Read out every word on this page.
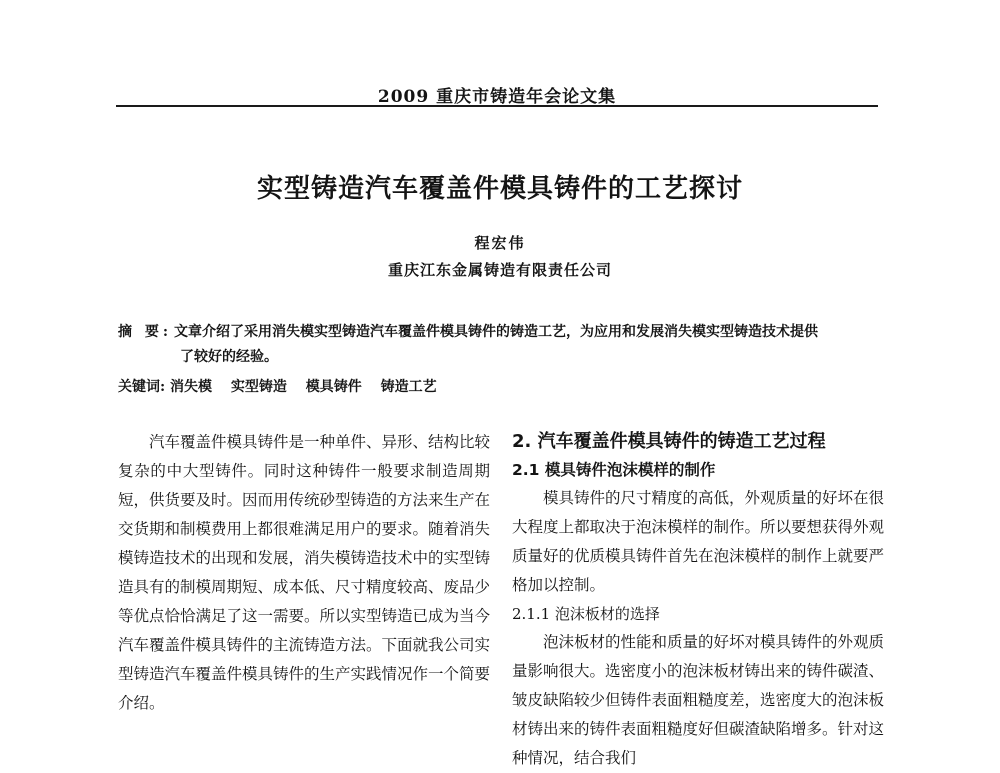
2009 重庆市铸造年会论文集
实型铸造汽车覆盖件模具铸件的工艺探讨
程宏伟
重庆江东金属铸造有限责任公司
摘 要: 文章介绍了采用消失模实型铸造汽车覆盖件模具铸件的铸造工艺，为应用和发展消失模实型铸造技术提供
了较好的经验。
关键词: 消失模 实型铸造 模具铸件 铸造工艺

汽车覆盖件模具铸件是一种单件、异形、结构比较复杂的中大型铸件。同时这种铸件一般要求制造周期短，供货要及时。因而用传统砂型铸造的方法来生产在交货期和制模费用上都很难满足用户的要求。随着消失模铸造技术的出现和发展，消失模铸造技术中的实型铸造具有的制模周期短、成本低、尺寸精度较高、废品少等优点恰恰满足了这一需要。所以实型铸造已成为当今汽车覆盖件模具铸件的主流铸造方法。下面就我公司实型铸造汽车覆盖件模具铸件的生产实践情况作一个简要介绍。

2. 汽车覆盖件模具铸件的铸造工艺过程

2.1 模具铸件泡沫模样的制作

模具铸件的尺寸精度的高低，外观质量的好坏在很大程度上都取决于泡沫模样的制作。所以要想获得外观质量好的优质模具铸件首先在泡沫模样的制作上就要严格加以控制。

2.1.1 泡沫板材的选择

泡沫板材的性能和质量的好坏对模具铸件的外观质量影响很大。选密度小的泡沫板材铸出来的铸件碳渣、皱皮缺陷较少但铸件表面粗糙度差，选密度大的泡沫板材铸出来的铸件表面粗糙度好但碳渣缺陷增多。针对这种情况，结合我们
